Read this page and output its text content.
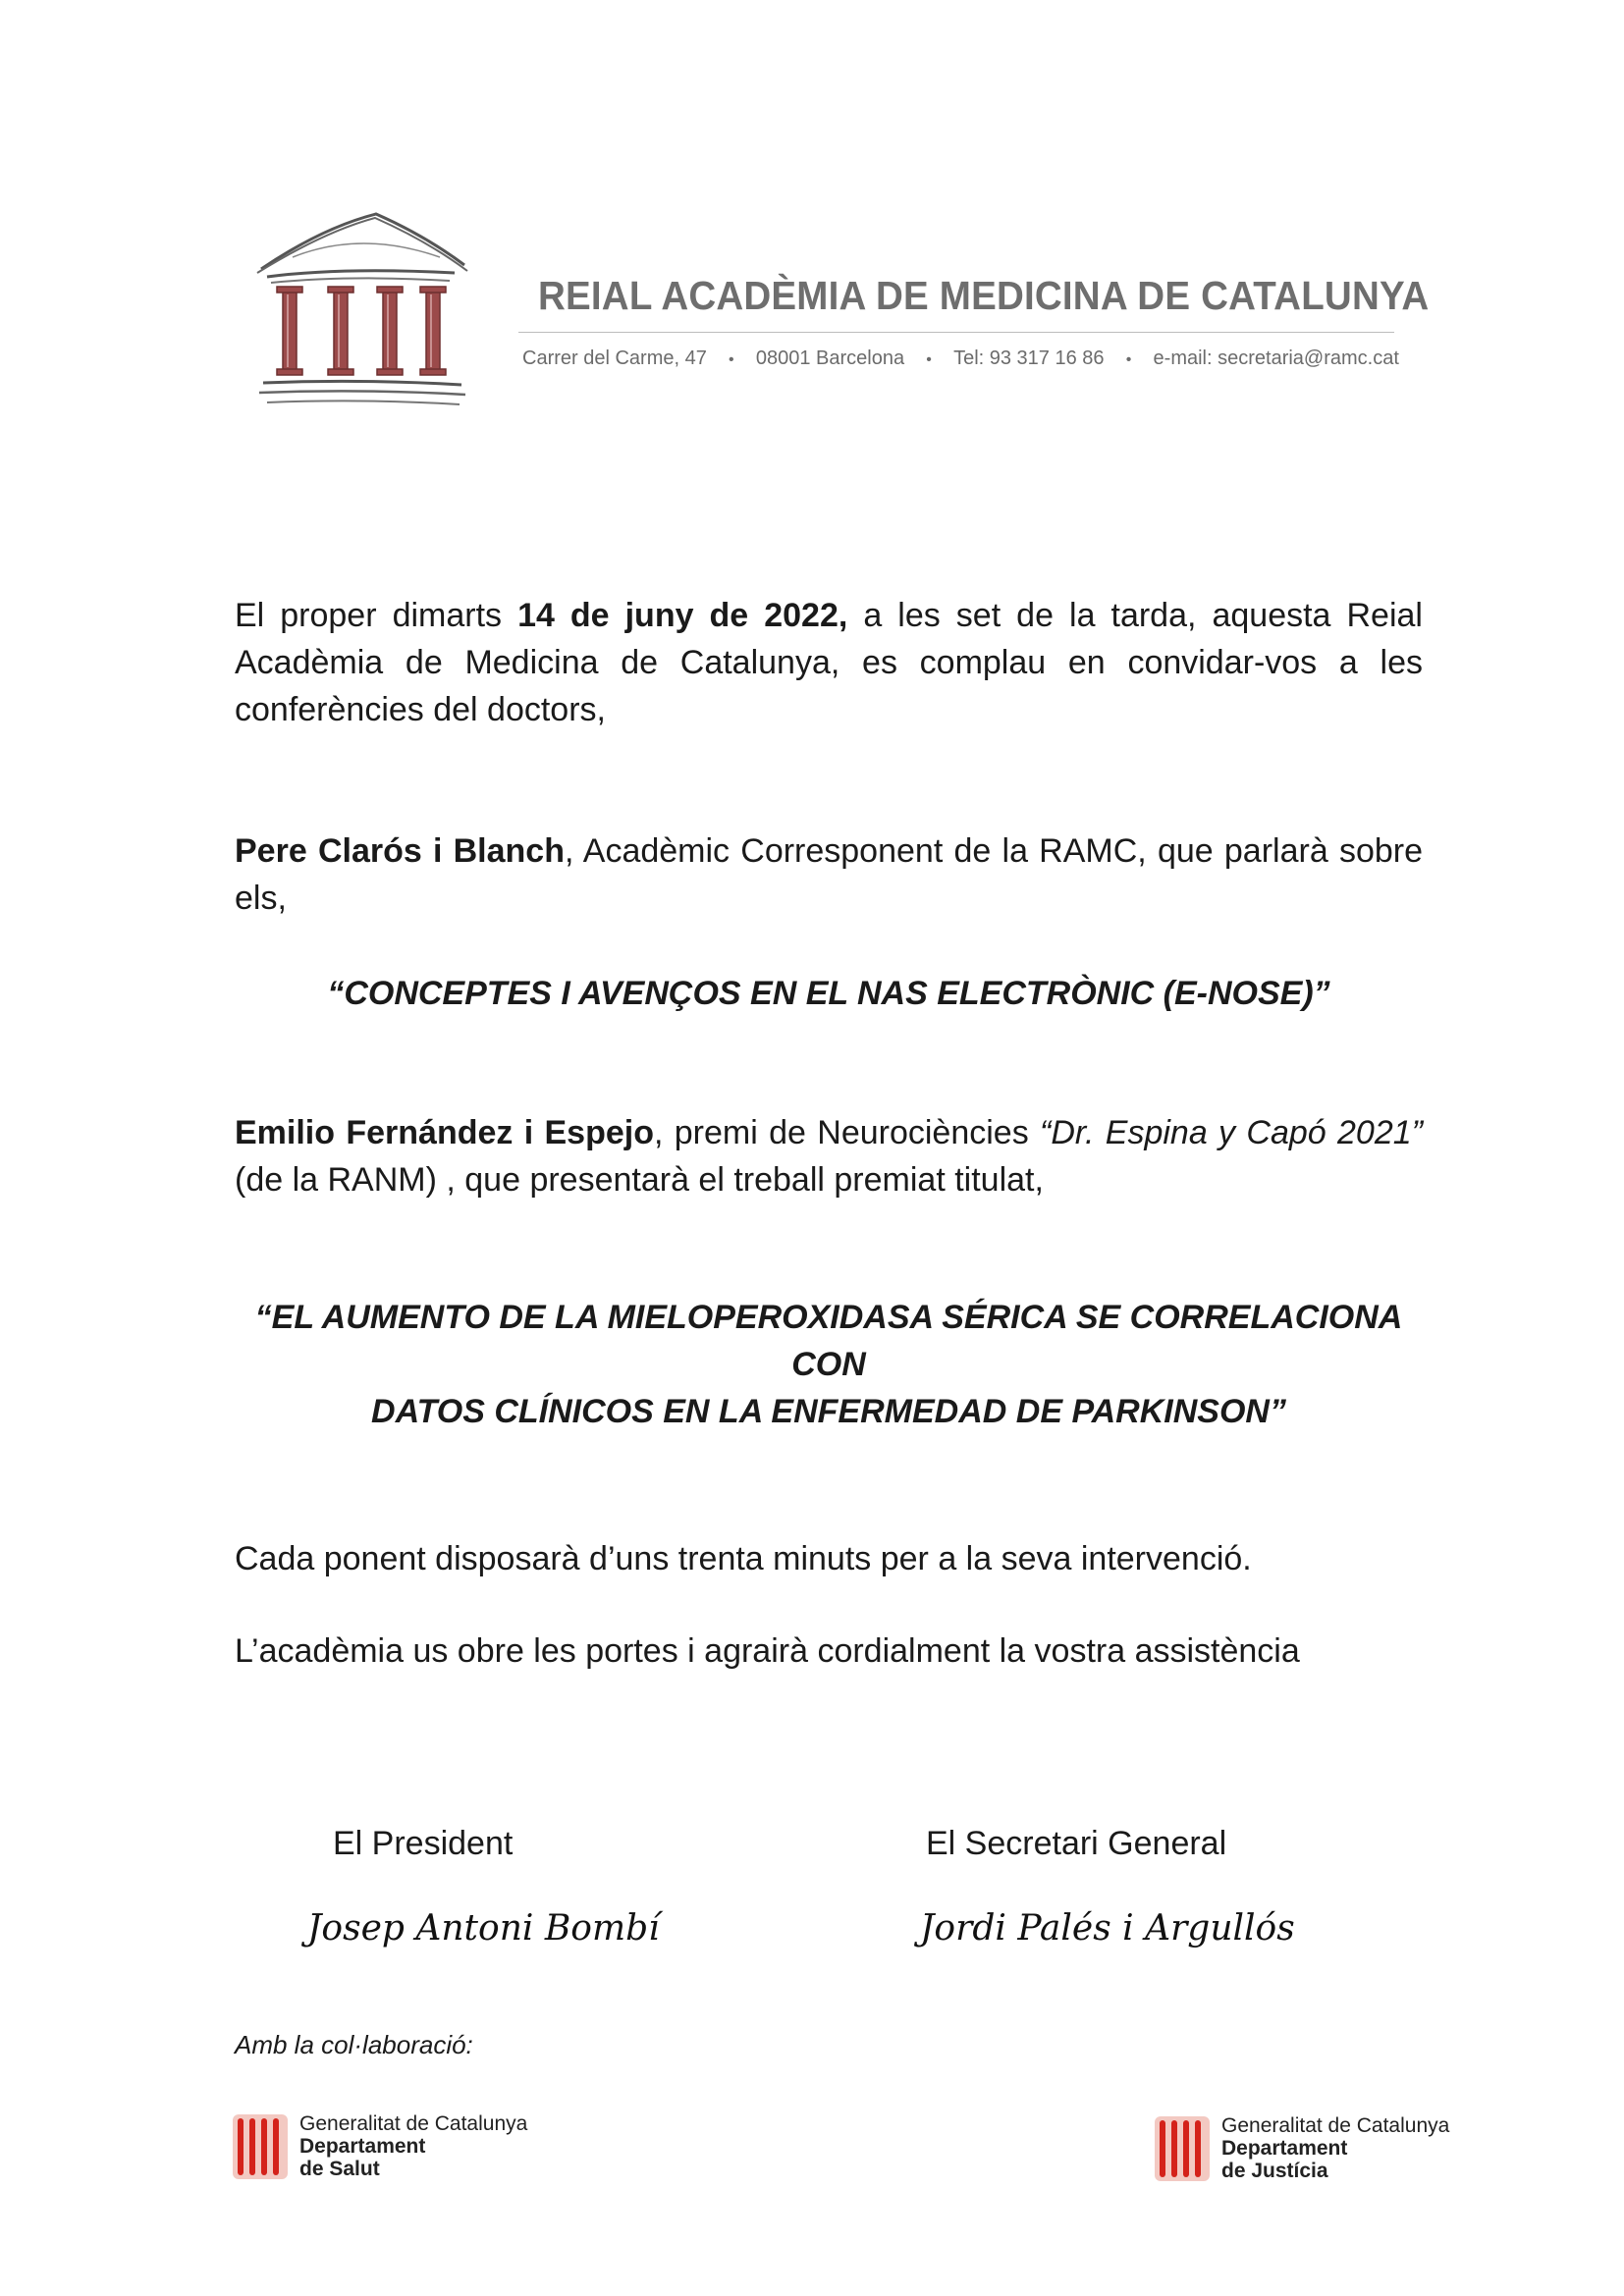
REIAL ACADÈMIA DE MEDICINA DE CATALUNYA
Carrer del Carme, 47 • 08001 Barcelona • Tel: 93 317 16 86 • e-mail: secretaria@ramc.cat
El proper dimarts 14 de juny de 2022, a les set de la tarda, aquesta Reial Acadèmia de Medicina de Catalunya, es complau en convidar-vos a les conferències del doctors,
Pere Clarós i Blanch, Acadèmic Corresponent de la RAMC, que parlarà sobre els,
“CONCEPTES I AVENÇOS EN EL NAS ELECTRÒNIC (E-NOSE)”
Emilio Fernández i Espejo, premi de Neurociències “Dr. Espina y Capó 2021” (de la RANM) , que presentarà el treball premiat titulat,
“EL AUMENTO DE LA MIELOPEROXIDASA SÉRICA SE CORRELACIONA CON
DATOS CLÍNICOS EN LA ENFERMEDAD DE PARKINSON”
Cada ponent disposarà d’uns trenta minuts per a la seva intervenció.
L’acadèmia us obre les portes i agrairà cordialment la vostra assistència
El President	El Secretari General
Josep Antoni Bombí	Jordi Palés i Argullós
Amb la col·laboració:
Generalitat de Catalunya
Departament
de Salut
Generalitat de Catalunya
Departament
de Justícia
